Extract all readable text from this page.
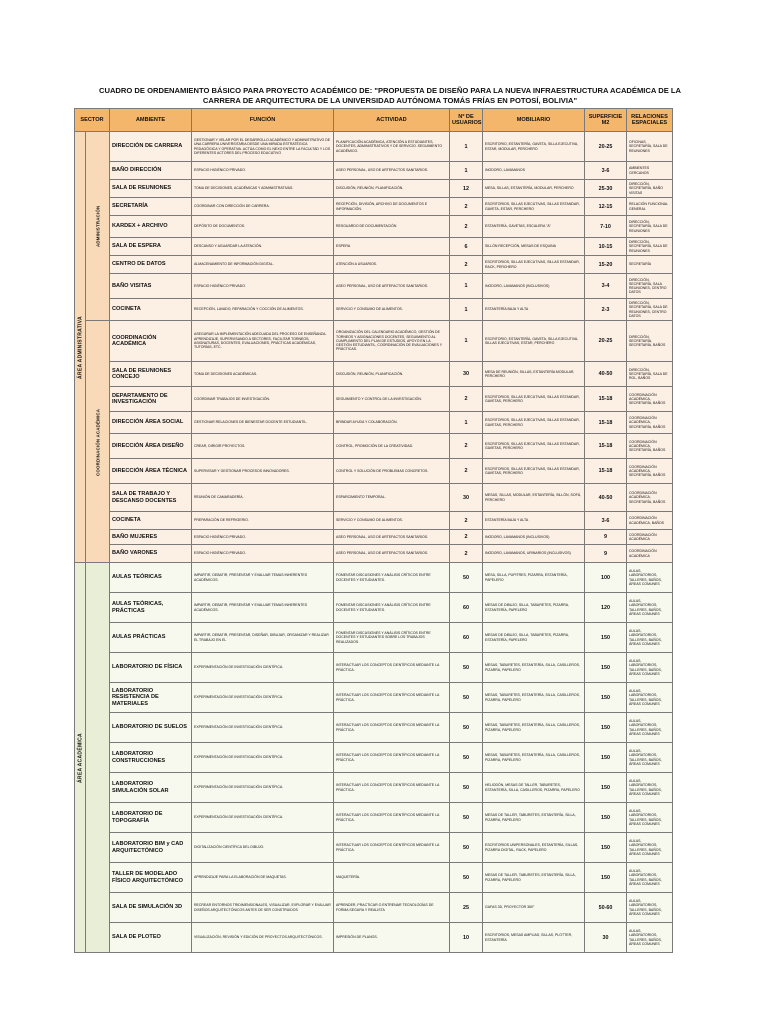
CUADRO DE ORDENAMIENTO BÁSICO PARA PROYECTO ACADÉMICO DE: "PROPUESTA DE DISEÑO PARA LA NUEVA INFRAESTRUCTURA ACADÉMICA DE LA
CARRERA DE ARQUITECTURA DE LA UNIVERSIDAD AUTÓNOMA TOMÁS FRÍAS EN POTOSÍ, BOLIVIA"
SECTOR		AMBIENTE	FUNCIÓN	ACTIVIDAD	Nº DE USUARIOS	MOBILIARIO	SUPERFICIE M2	RELACIONES ESPACIALES
ÁREA ADMINISTRATIVA	ADMINISTRACIÓN	DIRECCIÓN DE CARRERA	GESTIONAR Y VELAR POR EL DESARROLLO ACADÉMICO Y ADMINISTRATIVO DE UNA CARRERA UNIVERSITARIA DESDE UNA MIRADA ESTRATÉGICA PEDAGÓGICA Y OPERATIVA. ACTÚA COMO EL NEXO ENTRE LA FACULTAD Y LOS DIFERENTES ACTORES DEL PROCESO EDUCATIVO	PLANIFICACIÓN ACADÉMICA, ATENCIÓN A ESTUDIANTES, DOCENTES, ADMINISTRATIVOS Y DE SERVICIO. SEGUIMIENTO ACADÉMICO.	1	ESCRITORIO, ESTANTERÍA, GAVETA, SILLA EJECUTIVA, ESTAR, MODULAR, PERCHERO	20-25	OFICINAS, SECRETARÍA, SALA DE REUNIONES
		BAÑO DIRECCIÓN	ESPACIO HIGIÉNICO PRIVADO.	ASEO PERSONAL, USO DE ARTEFACTOS SANITARIOS.	1	INODORO, LAVAMANOS	3-6	AMBIENTES CERCANOS
		SALA DE REUNIONES	TOMA DE DECISIONES, ACADÉMICAS Y ADMINISTRATIVAS.	DISCUSIÓN, REUNIÓN, PLANIFICACIÓN.	12	MESA, SILLAS, ESTANTERÍA, MODULAR, PERCHERO	25-30	DIRECCIÓN, SECRETARÍA, BAÑO VISITAS
		SECRETARÍA	COORDINAR CON DIRECCIÓN DE CARRERA.	RECEPCIÓN, DIVISIÓN, ARCHIVO DE DOCUMENTOS E INFORMACIÓN.	2	ESCRITORIOS, SILLAS EJECUTIVAS, SILLAS ESTANDAR, GAVETA, ESTAR, PERCHERO	12-15	RELACIÓN FUNCIONAL GENERAL
		KARDEX + ARCHIVO	DEPÓSITO DE DOCUMENTOS.	RESGUARDO DE DOCUMENTACIÓN	2	ESTANTERÍA, GAVETAS, ESCALERA "A"	7-10	DIRECCIÓN, SECRETARÍA, SALA DE REUNIONES
		SALA DE ESPERA	DESCANSO Y AGUARDAR LA ATENCIÓN.	ESPERA	6	SILLÓN RECEPCIÓN, MESAS DE ESQUINA	10-15	DIRECCIÓN, SECRETARÍA, SALA DE REUNIONES
		CENTRO DE DATOS	ALMACENAMIENTO DE INFORMACIÓN DIGITAL.	ATENCIÓN A USUARIOS.	2	ESCRITORIOS, SILLAS EJECUTIVAS, SILLAS ESTANDAR, RACK, PERCHERO	15-20	SECRETARÍA
		BAÑO VISITAS	ESPACIO HIGIÉNICO PRIVADO.	ASEO PERSONAL, USO DE ARTEFACTOS SANITARIOS.	1	INODORO, LAVAMANOS (INCLUSIVOS)	3-4	DIRECCIÓN, SECRETARÍA, SALA REUNIONES, CENTRO DATOS
		COCINETA	RECEPCIÓN, LAVADO, REPARACIÓN Y COCCIÓN DE ALIMENTOS.	SERVICIO Y CONSUMO DE ALIMENTOS.	1	ESTANTERÍA BAJA Y ALTA	2-3	DIRECCIÓN, SECRETARÍA, SALA DE REUNIONES, CENTRO DATOS
	COORDINACIÓN ACADÉMICA	COORDINACIÓN ACADÉMICA	ASEGURAR LA IMPLEMENTACIÓN ADECUADA DEL PROCESO DE ENSEÑANZA-APRENDIZAJE, SUPERVISANDO A SECTORES, FACILITAR TORNEOS, ASIGNATURAS, DOCENTES, EVALUACIONES, PRÁCTICAS ACADÉMICAS, TUTORÍAS, ETC.	ORGANIZACIÓN DEL CALENDARIO ACADÉMICO, GESTIÓN DE TORNEOS Y ASIGNACIONES DOCENTES, SEGUIMIENTO AL CUMPLIMIENTO DEL PLAN DE ESTUDIOS, APOYO EN LA GESTIÓN ESTUDIANTIL, COORDINACIÓN DE EVALUACIONES Y PRÁCTICAS.	1	ESCRITORIO, ESTANTERÍA, GAVETA, SILLA EJECUTIVA, SILLAS EJECUTIVAS, ESTAR, PERCHERO	20-25	DIRECCIÓN, SECRETARÍA, SECRETARÍA, BAÑOS
		SALA DE REUNIONES CONCEJO	TOMA DE DECISIONES ACADÉMICAS.	DISCUSIÓN, REUNIÓN, PLANIFICACIÓN.	30	MESA DE REUNIÓN, SILLAS, ESTANTERÍA MODULAR, PERCHERO	40-50	DIRECCIÓN, SECRETARÍA, SALA DE ROL, BAÑOS
		DEPARTAMENTO DE INVESTIGACIÓN	COORDINAR TRABAJOS DE INVESTIGACIÓN.	SEGUIMIENTO Y CONTROL DE LA INVESTIGACIÓN.	2	ESCRITORIOS, SILLAS EJECUTIVAS, SILLAS ESTANDAR, GAVETAS, PERCHERO	15-18	COORDINACIÓN ACADÉMICA, SECRETARÍA, BAÑOS
		DIRECCIÓN ÁREA SOCIAL	GESTIONAR RELACIONES DE BIENESTAR DOCENTE ESTUDIANTIL.	BRINDAR AYUDA Y COLABORACIÓN.	1	ESCRITORIOS, SILLAS EJECUTIVAS, SILLAS ESTANDAR, GAVETAS, PERCHERO	15-18	COORDINACIÓN ACADÉMICA, SECRETARÍA, BAÑOS
		DIRECCIÓN ÁREA DISEÑO	CREAR, DIRIGIR PROYECTOS.	CONTROL, PROMOCIÓN DE LA CREATIVIDAD.	2	ESCRITORIOS, SILLAS EJECUTIVAS, SILLAS ESTANDAR, GAVETAS, PERCHERO	15-18	COORDINACIÓN ACADÉMICA, SECRETARÍA, BAÑOS
		DIRECCIÓN ÁREA TÉCNICA	SUPERVISAR Y GESTIONAR PROCESOS INNOVADORES.	CONTROL Y SOLUCIÓN DE PROBLEMAS CONCRETOS.	2	ESCRITORIOS, SILLAS EJECUTIVAS, SILLAS ESTANDAR, GAVETAS, PERCHERO	15-18	COORDINACIÓN ACADÉMICA, SECRETARÍA, BAÑOS
		SALA DE TRABAJO Y DESCANSO DOCENTES	REUNIÓN DE CAMARADERÍA.	ESPARCIMIENTO TEMPORAL.	30	MESAS, SILLAS, MODULAR, ESTANTERÍA, SILLÓN, SOFÁ, PERCHERO	40-50	COORDINACIÓN ACADÉMICA, SECRETARÍA, BAÑOS
		COCINETA	PREPARACIÓN DE REFRIGERIO.	SERVICIO Y CONSUMO DE ALIMENTOS.	2	ESTANTERÍA BAJA Y ALTA	3-6	COORDINACIÓN ACADÉMICA, BAÑOS
		BAÑO MUJERES	ESPACIO HIGIÉNICO PRIVADO.	ASEO PERSONAL, USO DE ARTEFACTOS SANITARIOS.	2	INODORO, LAVAMANOS (INCLUSIVOS)	9	COORDINACIÓN ACADÉMICA
		BAÑO VARONES	ESPACIO HIGIÉNICO PRIVADO.	ASEO PERSONAL, USO DE ARTEFACTOS SANITARIOS.	2	INODORO, LAVAMANOS, URINARIOS (INCLUSIVOS)	9	COORDINACIÓN ACADÉMICA
ÁREA ACADÉMICA		AULAS TEÓRICAS	IMPARTIR, DEBATIR, PRESENTAR Y EVALUAR TEMAS INHERENTES ACADÉMICOS.	FOMENTAR DISCUSIONES Y ANÁLISIS CRÍTICOS ENTRE DOCENTES Y ESTUDIANTES.	50	MESA, SILLA, PUPITRES, PIZARRA, ESTANTERÍA, PAPELERO	100	AULAS, LABORATORIOS, TALLERES, BAÑOS, ÁREAS COMUNES
		AULAS TEÓRICAS, PRÁCTICAS	IMPARTIR, DEBATIR, PRESENTAR Y EVALUAR TEMAS INHERENTES ACADÉMICOS.	FOMENTAR DISCUSIONES Y ANÁLISIS CRÍTICOS ENTRE DOCENTES Y ESTUDIANTES.	60	MESAS DE DIBUJO, SILLA, TABURETES, PIZARRA, ESTANTERÍA, PAPELERO	120	AULAS, LABORATORIOS, TALLERES, BAÑOS, ÁREAS COMUNES
		AULAS PRÁCTICAS	IMPARTIR, DEBATIR, PRESENTAR, DISEÑAR, DIBUJAR, ORGANIZAR Y REALIZAR EL TRABAJO EN EL	FOMENTAR DISCUSIONES Y ANÁLISIS CRÍTICOS ENTRE DOCENTES Y ESTUDIANTES SOBRE LOS TRABAJOS REALIZADOS.	60	MESAS DE DIBUJO, SILLA, TABURETES, PIZARRA, ESTANTERÍA, PAPELERO	150	AULAS, LABORATORIOS, TALLERES, BAÑOS, ÁREAS COMUNES
		LABORATORIO DE FÍSICA	EXPERIMENTACIÓN DE INVESTIGACIÓN CIENTÍFICA.	INTERACTUAR LOS CONCEPTOS CIENTÍFICOS MEDIANTE LA PRÁCTICA.	50	MESAS, TABURETES, ESTANTERÍA, SILLA, CASILLEROS, PIZARRA, PAPELERO	150	AULAS, LABORATORIOS, TALLERES, BAÑOS, ÁREAS COMUNES
		LABORATORIO RESISTENCIA DE MATERIALES	EXPERIMENTACIÓN DE INVESTIGACIÓN CIENTÍFICA.	INTERACTUAR LOS CONCEPTOS CIENTÍFICOS MEDIANTE LA PRÁCTICA.	50	MESAS, TABURETES, ESTANTERÍA, SILLA, CASILLEROS, PIZARRA, PAPELERO	150	AULAS, LABORATORIOS, TALLERES, BAÑOS, ÁREAS COMUNES
		LABORATORIO DE SUELOS	EXPERIMENTACIÓN DE INVESTIGACIÓN CIENTÍFICA.	INTERACTUAR LOS CONCEPTOS CIENTÍFICOS MEDIANTE LA PRÁCTICA.	50	MESAS, TABURETES, ESTANTERÍA, SILLA, CASILLEROS, PIZARRA, PAPELERO	150	AULAS, LABORATORIOS, TALLERES, BAÑOS, ÁREAS COMUNES
		LABORATORIO CONSTRUCCIONES	EXPERIMENTACIÓN DE INVESTIGACIÓN CIENTÍFICA.	INTERACTUAR LOS CONCEPTOS CIENTÍFICOS MEDIANTE LA PRÁCTICA.	50	MESAS, TABURETES, ESTANTERÍA, SILLA, CASILLEROS, PIZARRA, PAPELERO	150	AULAS, LABORATORIOS, TALLERES, BAÑOS, ÁREAS COMUNES
		LABORATORIO SIMULACIÓN SOLAR	EXPERIMENTACIÓN DE INVESTIGACIÓN CIENTÍFICA.	INTERACTUAR LOS CONCEPTOS CIENTÍFICOS MEDIANTE LA PRÁCTICA.	50	HELIODÓN, MESAS DE TALLER, TABURETES, ESTANTERÍA, SILLA, CASILLEROS, PIZARRA, PAPELERO	150	AULAS, LABORATORIOS, TALLERES, BAÑOS, ÁREAS COMUNES
		LABORATORIO DE TOPOGRAFÍA	EXPERIMENTACIÓN DE INVESTIGACIÓN CIENTÍFICA.	INTERACTUAR LOS CONCEPTOS CIENTÍFICOS MEDIANTE LA PRÁCTICA.	50	MESAS DE TALLER, TABURETES, ESTANTERÍA, SILLA, PIZARRA, PAPELERO	150	AULAS, LABORATORIOS, TALLERES, BAÑOS, ÁREAS COMUNES
		LABORATORIO BIM y CAD ARQUITECTÓNICO	DIGITALIZACIÓN CIENTÍFICA DEL DIBUJO.	INTERACTUAR LOS CONCEPTOS CIENTÍFICOS MEDIANTE LA PRÁCTICA.	50	ESCRITORIOS UNIPERSONALES, ESTANTERÍA, SILLAS, PIZARRA DIGITAL, RACK, PAPELERO	150	AULAS, LABORATORIOS, TALLERES, BAÑOS, ÁREAS COMUNES
		TALLER DE MODELADO FÍSICO ARQUITECTÓNICO	APRENDIZAJE PARA LA ELABORACIÓN DE MAQUETAS.	MAQUETERÍA.	50	MESAS DE TALLER, TABURETES, ESTANTERÍA, SILLA, PIZARRA, PAPELERO	150	AULAS, LABORATORIOS, TALLERES, BAÑOS, ÁREAS COMUNES
		SALA DE SIMULACIÓN 3D	RECREAR ENTORNOS TRIDIMENSIONALES, VISUALIZAR, EXPLORAR Y EVALUAR DISEÑOS ARQUITECTÓNICOS ANTES DE SER CONSTRUIDOS	APRENDER, PRACTICAR O ENTRENAR TECNOLOGÍAS DE FORMA SEGURA Y REALISTA	25	GAFAS 3D, PROYECTOR 360°	50-60	AULAS, LABORATORIOS, TALLERES, BAÑOS, ÁREAS COMUNES
		SALA DE PLOTEO	VISUALIZACIÓN, REVISIÓN Y EDICIÓN DE PROYECTOS ARQUITECTÓNICOS.	IMPRESIÓN DE PLANOS.	10	ESCRITORIOS, MESAS AMPLIAS, SILLAS, PLOTTER, ESTANTERÍA	30	AULAS, LABORATORIOS, TALLERES, BAÑOS, ÁREAS COMUNES
